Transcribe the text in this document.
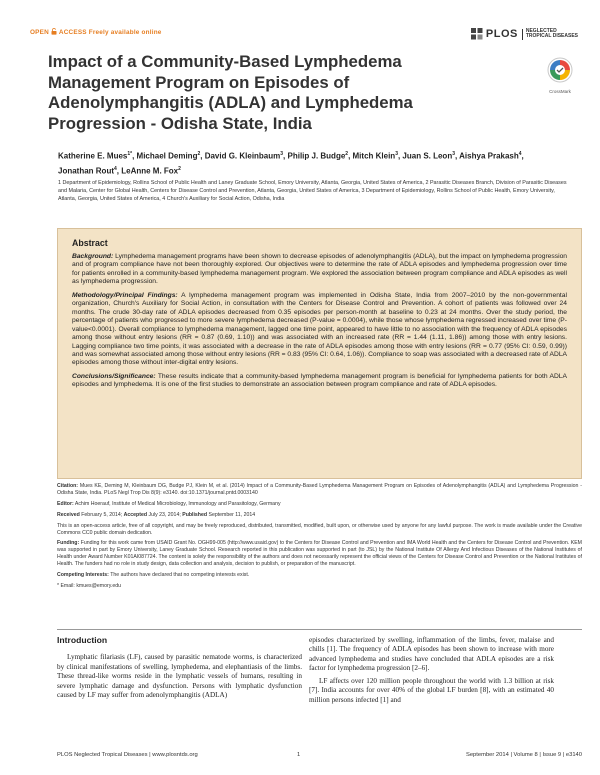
OPEN ACCESS Freely available online	PLOS	NEGLECTED
TROPICAL DISEASES
Impact of a Community-Based Lymphedema Management Program on Episodes of Adenolymphangitis (ADLA) and Lymphedema Progression - Odisha State, India
CrossMark
Katherine E. Mues$^{1*}$, Michael Deming$^2$, David G. Kleinbaum$^3$, Philip J. Budge$^2$, Mitch Klein$^3$, Juan S. Leon$^3$, Aishya Prakash$^4$, Jonathan Rout$^4$, LeAnne M. Fox$^2$
1 Department of Epidemiology, Rollins School of Public Health and Laney Graduate School, Emory University, Atlanta, Georgia, United States of America, 2 Parasitic Diseases Branch, Division of Parasitic Diseases and Malaria, Center for Global Health, Centers for Disease Control and Prevention, Atlanta, Georgia, United States of America, 3 Department of Epidemiology, Rollins School of Public Health, Emory University, Atlanta, Georgia, United States of America, 4 Church's Auxiliary for Social Action, Odisha, India
Abstract

Background: Lymphedema management programs have been shown to decrease episodes of adenolymphangitis (ADLA), but the impact on lymphedema progression and of program compliance have not been thoroughly explored. Our objectives were to determine the rate of ADLA episodes and lymphedema progression over time for patients enrolled in a community-based lymphedema management program. We explored the association between program compliance and ADLA episodes as well as lymphedema progression.

Methodology/Principal Findings: A lymphedema management program was implemented in Odisha State, India from 2007–2010 by the non-governmental organization, Church's Auxiliary for Social Action, in consultation with the Centers for Disease Control and Prevention. A cohort of patients was followed over 24 months. The crude 30-day rate of ADLA episodes decreased from 0.35 episodes per person-month at baseline to 0.23 at 24 months. Over the study period, the percentage of patients who progressed to more severe lymphedema decreased (P-value = 0.0004), while those whose lymphedema regressed increased over time (P-value<0.0001). Overall compliance to lymphedema management, lagged one time point, appeared to have little to no association with the frequency of ADLA episodes among those without entry lesions (RR = 0.87 (0.69, 1.10)) and was associated with an increased rate (RR = 1.44 (1.11, 1.86)) among those with entry lesions. Lagging compliance two time points, it was associated with a decrease in the rate of ADLA episodes among those with entry lesions (RR = 0.77 (95% CI: 0.59, 0.99)) and was somewhat associated among those without entry lesions (RR = 0.83 (95% CI: 0.64, 1.06)). Compliance to soap was associated with a decreased rate of ADLA episodes among those without inter-digital entry lesions.

Conclusions/Significance: These results indicate that a community-based lymphedema management program is beneficial for lymphedema patients for both ADLA episodes and lymphedema. It is one of the first studies to demonstrate an association between program compliance and rate of ADLA episodes.

Citation: Mues KE, Deming M, Kleinbaum DG, Budge PJ, Klein M, et al. (2014) Impact of a Community-Based Lymphedema Management Program on Episodes of Adenolymphangitis (ADLA) and Lymphedema Progression - Odisha State, India. PLoS Negl Trop Dis 8(9): e3140. doi:10.1371/journal.pntd.0003140

Editor: Achim Hoerauf, Institute of Medical Microbiology, Immunology and Parasitology, Germany

Received February 5, 2014; Accepted July 23, 2014; Published September 11, 2014

This is an open-access article, free of all copyright, and may be freely reproduced, distributed, transmitted, modified, built upon, or otherwise used by anyone for any lawful purpose. The work is made available under the Creative Commons CC0 public domain dedication.

Funding: Funding for this work came from USAID Grant No. OGH99-005 (http://www.usaid.gov) to the Centers for Disease Control and Prevention and IMA World Health and the Centers for Disease Control and Prevention. KEM was supported in part by Emory University, Laney Graduate School. Research reported in this publication was supported in part (to JSL) by the National Institute Of Allergy And Infectious Diseases of the National Institutes of Health under Award Number K01AI087724. The content is solely the responsibility of the authors and does not necessarily represent the official views of the Centers for Disease Control and Prevention or the National Institutes of Health. The funders had no role in study design, data collection and analysis, decision to publish, or preparation of the manuscript.

Competing Interests: The authors have declared that no competing interests exist.

* Email: kmues@emory.edu

Introduction

Lymphatic filariasis (LF), caused by parasitic nematode worms, is characterized by clinical manifestations of swelling, lymphedema, and elephantiasis of the limbs. These thread-like worms reside in the lymphatic vessels of humans, resulting in severe lymphatic damage and dysfunction. Persons with lymphatic dysfunction caused by LF may suffer from adenolymphangitis (ADLA)

episodes characterized by swelling, inflammation of the limbs, fever, malaise and chills [1]. The frequency of ADLA episodes has been shown to increase with more advanced lymphedema and studies have concluded that ADLA episodes are a risk factor for lymphedema progression [2–6].

LF affects over 120 million people throughout the world with 1.3 billion at risk [7]. India accounts for over 40% of the global LF burden [8], with an estimated 40 million persons infected [1] and

PLOS Neglected Tropical Diseases | www.plosntds.org	1	September 2014 | Volume 8 | Issue 9 | e3140
